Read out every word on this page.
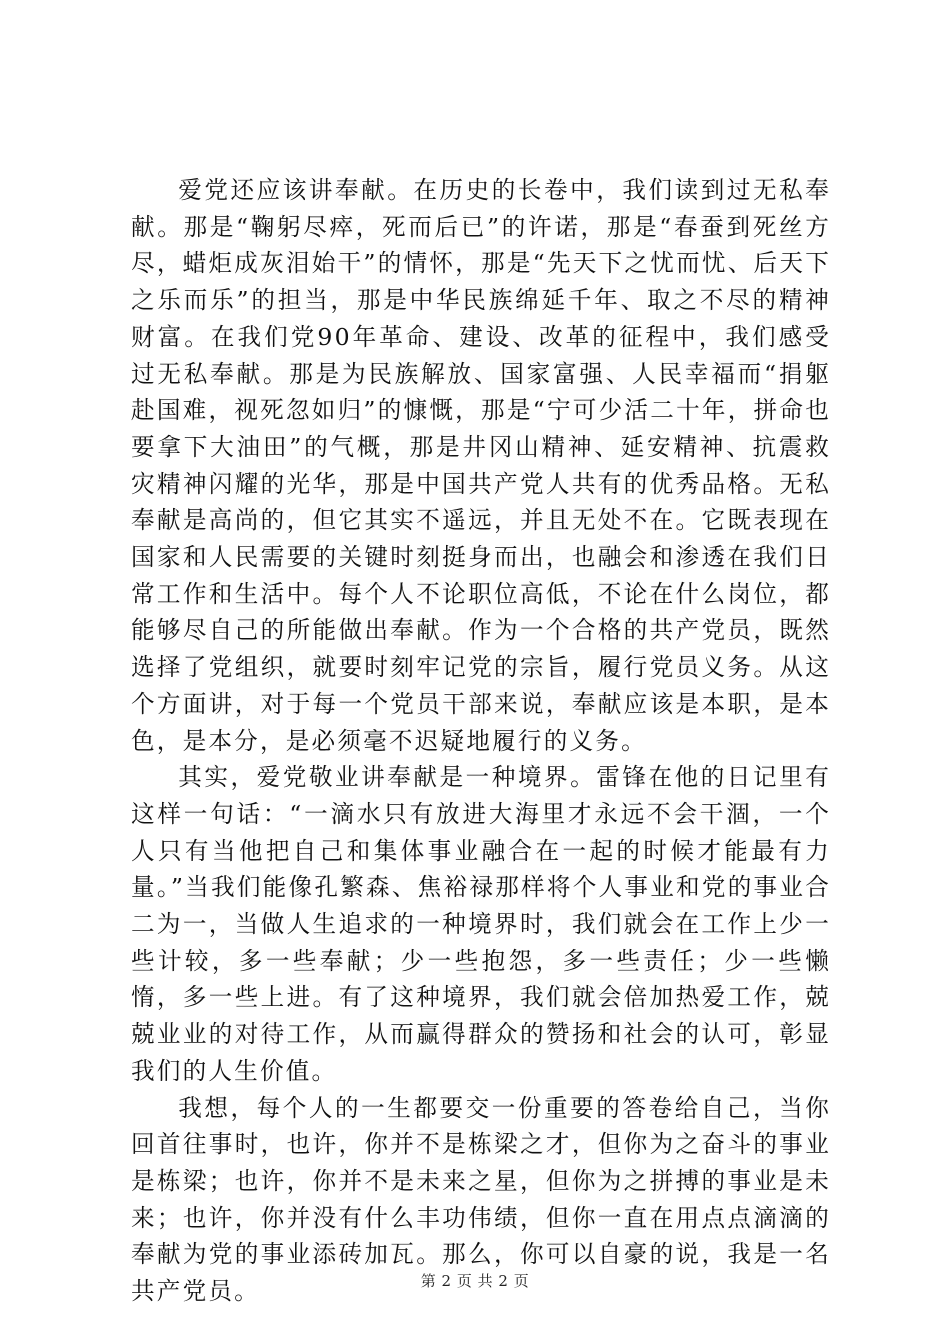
爱党还应该讲奉献。在历史的长卷中，我们读到过无私奉献。那是“鞠躬尽瘁，死而后已”的许诺，那是“春蚕到死丝方尽，蜡炬成灰泪始干”的情怀，那是“先天下之忧而忧、后天下之乐而乐”的担当，那是中华民族绵延千年、取之不尽的精神财富。在我们党90年革命、建设、改革的征程中，我们感受过无私奉献。那是为民族解放、国家富强、人民幸福而“捐躯赴国难，视死忽如归”的慷慨，那是“宁可少活二十年，拼命也要拿下大油田”的气概，那是井冈山精神、延安精神、抗震救灾精神闪耀的光华，那是中国共产党人共有的优秀品格。无私奉献是高尚的，但它其实不遥远，并且无处不在。它既表现在国家和人民需要的关键时刻挺身而出，也融会和渗透在我们日常工作和生活中。每个人不论职位高低，不论在什么岗位，都能够尽自己的所能做出奉献。作为一个合格的共产党员，既然选择了党组织，就要时刻牢记党的宗旨，履行党员义务。从这个方面讲，对于每一个党员干部来说，奉献应该是本职，是本色，是本分，是必须毫不迟疑地履行的义务。

其实，爱党敬业讲奉献是一种境界。雷锋在他的日记里有这样一句话：“一滴水只有放进大海里才永远不会干涸，一个人只有当他把自己和集体事业融合在一起的时候才能最有力量。”当我们能像孔繁森、焦裕禄那样将个人事业和党的事业合二为一，当做人生追求的一种境界时，我们就会在工作上少一些计较，多一些奉献；少一些抱怨，多一些责任；少一些懒惰，多一些上进。有了这种境界，我们就会倍加热爱工作，兢兢业业的对待工作，从而赢得群众的赞扬和社会的认可，彰显我们的人生价值。

我想，每个人的一生都要交一份重要的答卷给自己，当你回首往事时，也许，你并不是栋梁之才，但你为之奋斗的事业是栋梁；也许，你并不是未来之星，但你为之拼搏的事业是未来；也许，你并没有什么丰功伟绩，但你一直在用点点滴滴的奉献为党的事业添砖加瓦。那么，你可以自豪的说，我是一名共产党员。	第 2 页 共 2 页
